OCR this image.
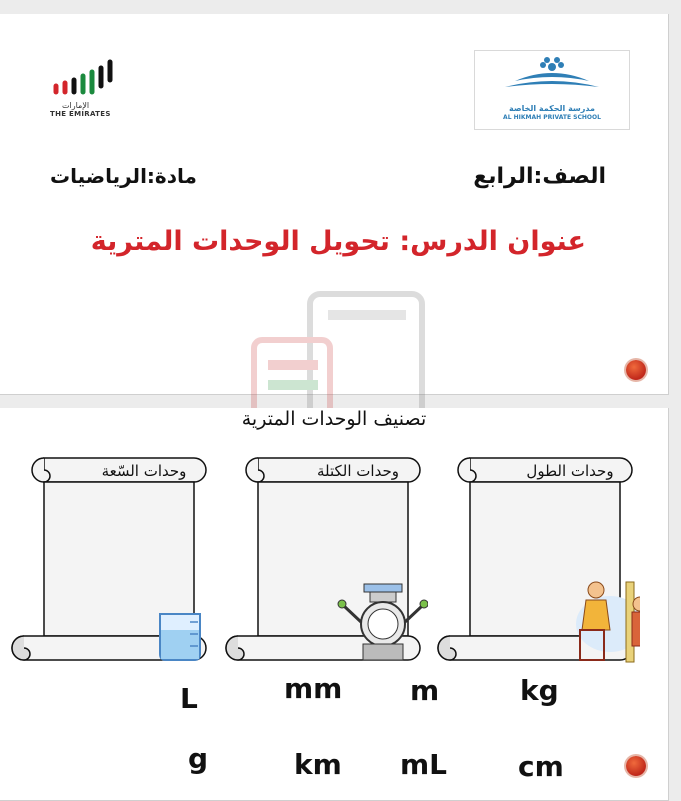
الإمارات
THE EMIRATES
مدرسة الحكمة الخاصة
AL HIKMAH PRIVATE SCHOOL
الصف:الرابع
مادة:الرياضيات
عنوان الدرس: تحويل الوحدات المترية
تصنيف الوحدات المترية
وحدات السّعة	وحدات الكتلة	وحدات الطول
L	mm m	kg
g	km mL	cm
